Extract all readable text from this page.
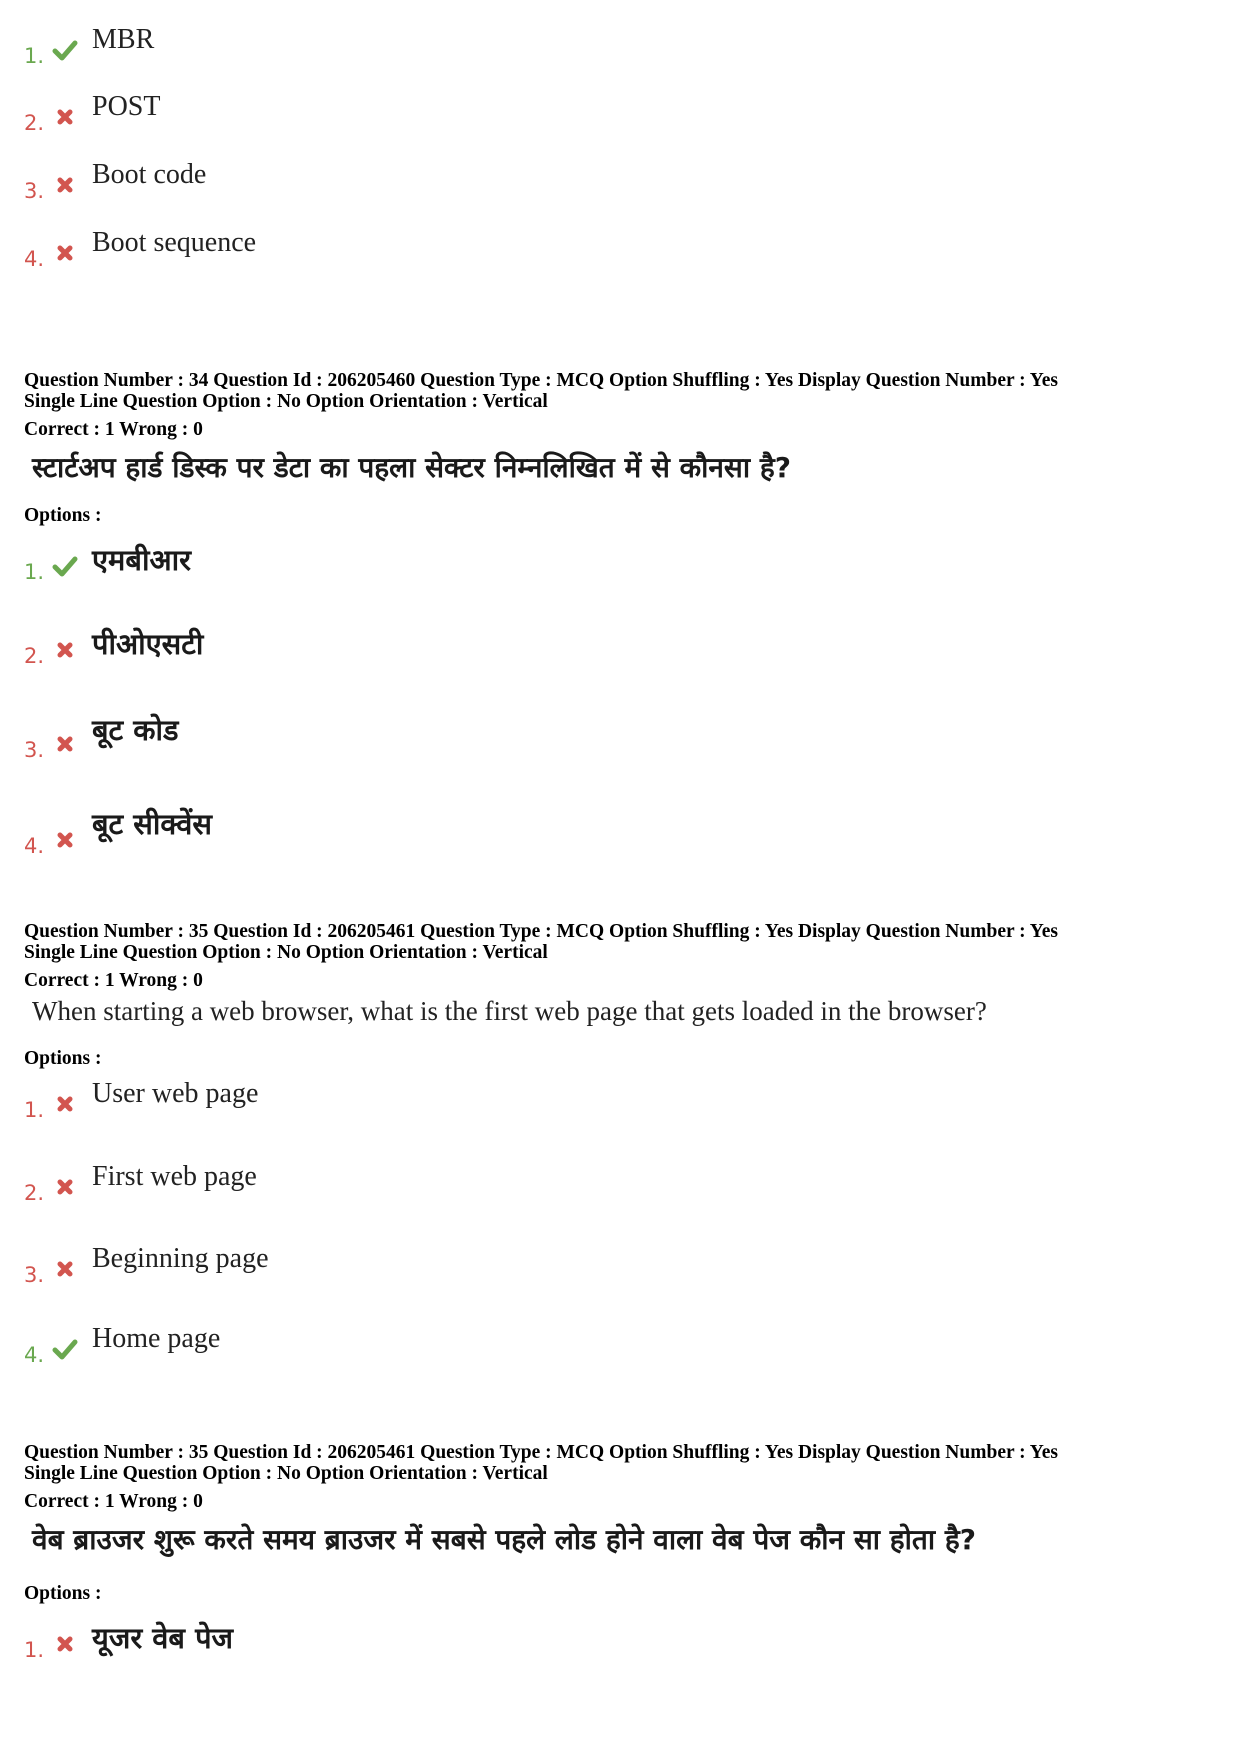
1.
MBR
2.
POST
3.
Boot code
4.
Boot sequence
Question Number : 34 Question Id : 206205460 Question Type : MCQ Option Shuffling : Yes Display Question Number : Yes
Single Line Question Option : No Option Orientation : Vertical
Correct : 1 Wrong : 0
स्टार्टअप हार्ड डिस्क पर डेटा का पहला सेक्टर निम्नलिखित में से कौनसा है?
Options :
1. एमबीआर
2. पीओएसटी
3.
बूट कोड
4.
बूट सीक्वेंस
Question Number : 35 Question Id : 206205461 Question Type : MCQ Option Shuffling : Yes Display Question Number : Yes
Single Line Question Option : No Option Orientation : Vertical
Correct : 1 Wrong : 0
When starting a web browser, what is the first web page that gets loaded in the browser?
Options :
1.
User web page
2.
First web page
3.
Beginning page
4.
Home page
Question Number : 35 Question Id : 206205461 Question Type : MCQ Option Shuffling : Yes Display Question Number : Yes
Single Line Question Option : No Option Orientation : Vertical
Correct : 1 Wrong : 0
वेब ब्राउजर शुरू करते समय ब्राउजर में सबसे पहले लोड होने वाला वेब पेज कौन सा होता है?
Options :
1. यूजर वेब पेज
